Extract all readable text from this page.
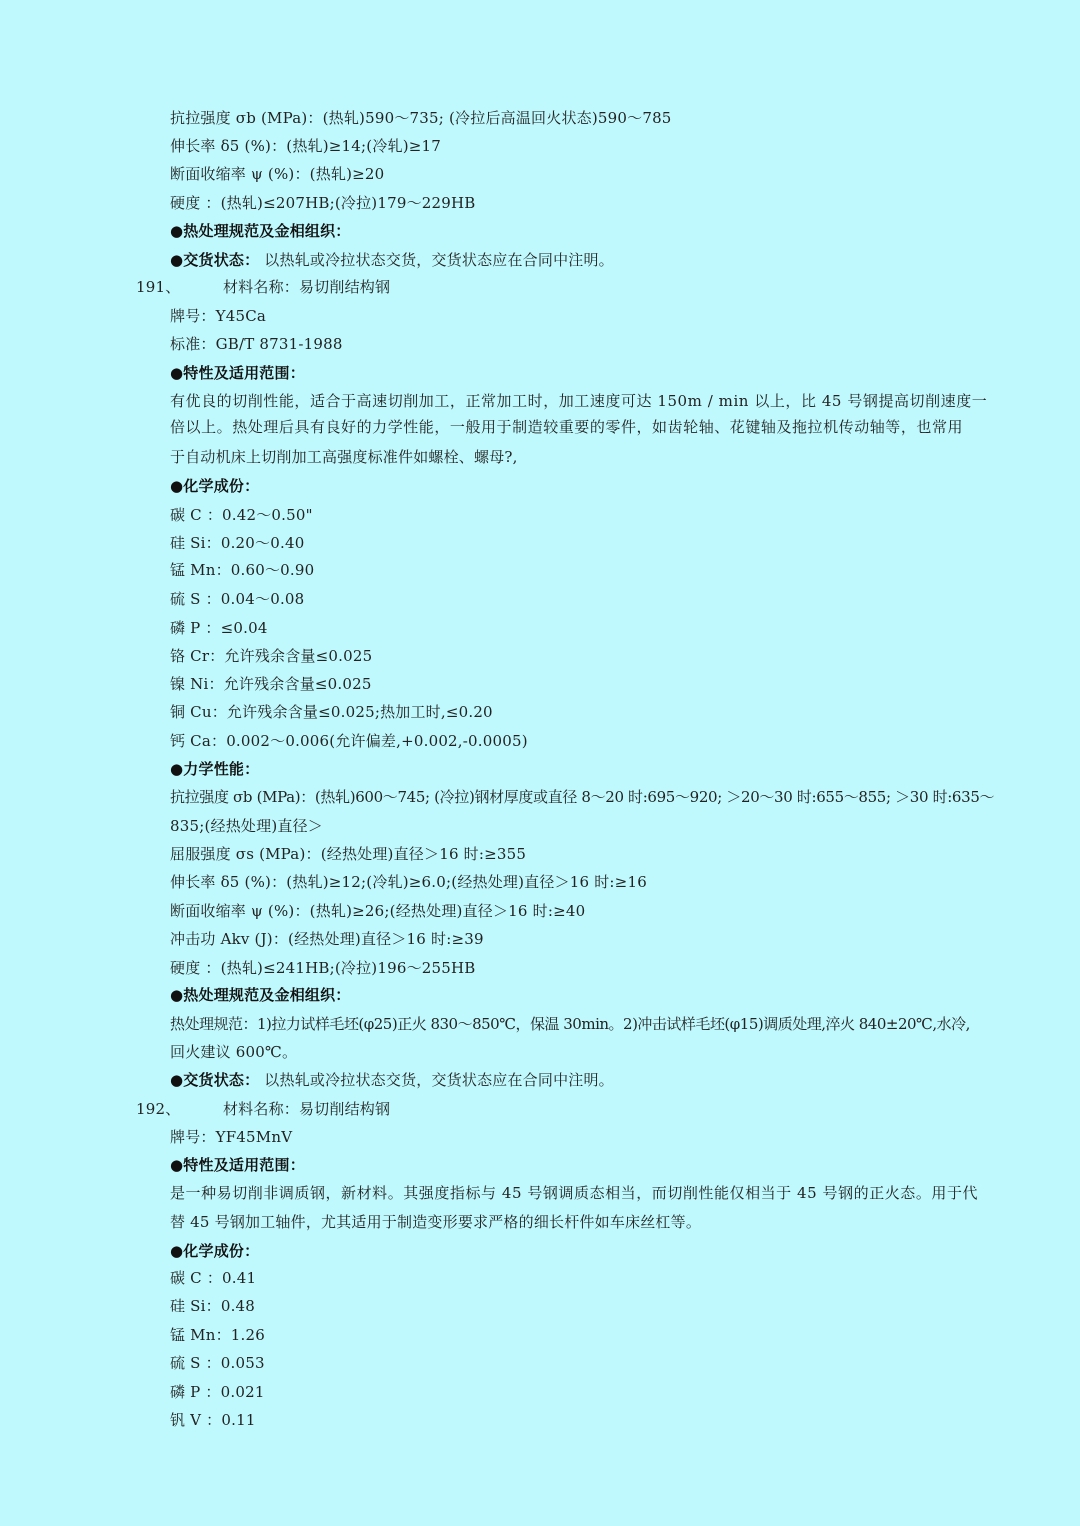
抗拉强度 σb (MPa)：(热轧)590～735; (冷拉后高温回火状态)590～785
伸长率 δ5 (%)：(热轧)≥14;(冷轧)≥17
断面收缩率 ψ (%)：(热轧)≥20
硬度 ：(热轧)≤207HB;(冷拉)179～229HB
●热处理规范及金相组织：
●交货状态： 以热轧或冷拉状态交货，交货状态应在合同中注明。
191、	材料名称：易切削结构钢
牌号：Y45Ca
标准：GB/T 8731-1988
●特性及适用范围：
有优良的切削性能，适合于高速切削加工，正常加工时，加工速度可达 150m / min 以上，比 45 号钢提高切削速度一
倍以上。热处理后具有良好的力学性能，一般用于制造较重要的零件，如齿轮轴、花键轴及拖拉机传动轴等，也常用
于自动机床上切削加工高强度标准件如螺栓、螺母?,
●化学成份：
碳 C ：0.42～0.50"
硅 Si：0.20～0.40
锰 Mn：0.60～0.90
硫 S ：0.04～0.08
磷 P ：≤0.04
铬 Cr：允许残余含量≤0.025
镍 Ni：允许残余含量≤0.025
铜 Cu：允许残余含量≤0.025;热加工时,≤0.20
钙 Ca：0.002～0.006(允许偏差,+0.002,-0.0005)
●力学性能：
抗拉强度 σb (MPa)：(热轧)600～745; (冷拉)钢材厚度或直径 8～20 时:695～920; ＞20～30 时:655～855; ＞30 时:635～
835;(经热处理)直径＞
屈服强度 σs (MPa)：(经热处理)直径＞16 时:≥355
伸长率 δ5 (%)：(热轧)≥12;(冷轧)≥6.0;(经热处理)直径＞16 时:≥16
断面收缩率 ψ (%)：(热轧)≥26;(经热处理)直径＞16 时:≥40
冲击功 Akv (J)：(经热处理)直径＞16 时:≥39
硬度 ：(热轧)≤241HB;(冷拉)196～255HB
●热处理规范及金相组织：
热处理规范：1)拉力试样毛坯(φ25)正火 830～850℃，保温 30min。2)冲击试样毛坯(φ15)调质处理,淬火 840±20℃,水冷,
回火建议 600℃。
●交货状态： 以热轧或冷拉状态交货，交货状态应在合同中注明。
192、	材料名称：易切削结构钢
牌号：YF45MnV
●特性及适用范围：
是一种易切削非调质钢，新材料。其强度指标与 45 号钢调质态相当，而切削性能仅相当于 45 号钢的正火态。用于代
替 45 号钢加工轴件，尤其适用于制造变形要求严格的细长杆件如车床丝杠等。
●化学成份：
碳 C ：0.41
硅 Si：0.48
锰 Mn：1.26
硫 S ：0.053
磷 P ：0.021
钒 V ：0.11
